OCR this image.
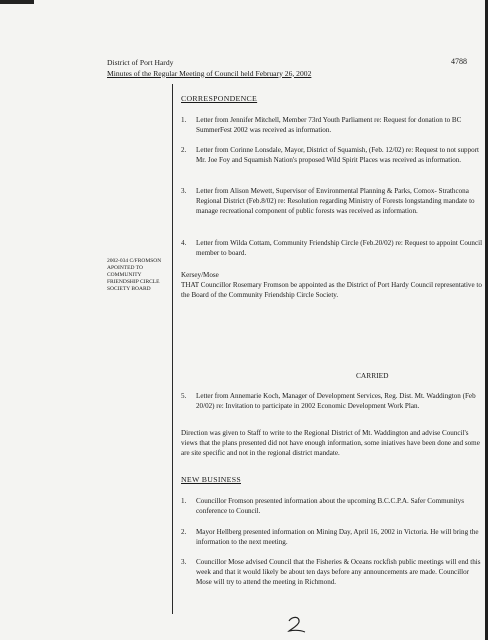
District of Port Hardy
Minutes of the Regular Meeting of Council held February 26, 2002
4788
CORRESPONDENCE
1. Letter from Jennifer Mitchell, Member 73rd Youth Parliament re: Request for donation to BC SummerFest 2002 was received as information.
2. Letter from Corinne Lonsdale, Mayor, District of Squamish, (Feb. 12/02) re: Request to not support Mr. Joe Foy and Squamish Nation's proposed Wild Spirit Places was received as information.
3. Letter from Alison Mewett, Supervisor of Environmental Planning & Parks, Comox- Strathcona Regional District (Feb.8/02) re: Resolution regarding Ministry of Forests longstanding mandate to manage recreational component of public forests was received as information.
4. Letter from Wilda Cottam, Community Friendship Circle (Feb.20/02) re: Request to appoint Council member to board.
2002-034 C/FROMSON APOINTED TO COMMUNITY FRIENDSHIP CIRCLE SOCIETY BOARD
Kersey/Mose
THAT Councillor Rosemary Fromson be appointed as the District of Port Hardy Council representative to the Board of the Community Friendship Circle Society.
CARRIED
5. Letter from Annemarie Koch, Manager of Development Services, Reg. Dist. Mt. Waddington (Feb 20/02) re: Invitation to participate in 2002 Economic Development Work Plan.
Direction was given to Staff to write to the Regional District of Mt. Waddington and advise Council's views that the plans presented did not have enough information, some iniatives have been done and some are site specific and not in the regional district mandate.
NEW BUSINESS
1. Councillor Fromson presented information about the upcoming B.C.C.P.A. Safer Communitys conference to Council.
2. Mayor Hellberg presented information on Mining Day, April 16, 2002 in Victoria. He will bring the information to the next meeting.
3. Councillor Mose advised Council that the Fisheries & Oceans rockfish public meetings will end this week and that it would likely be about ten days before any announcements are made. Councillor Mose will try to attend the meeting in Richmond.
